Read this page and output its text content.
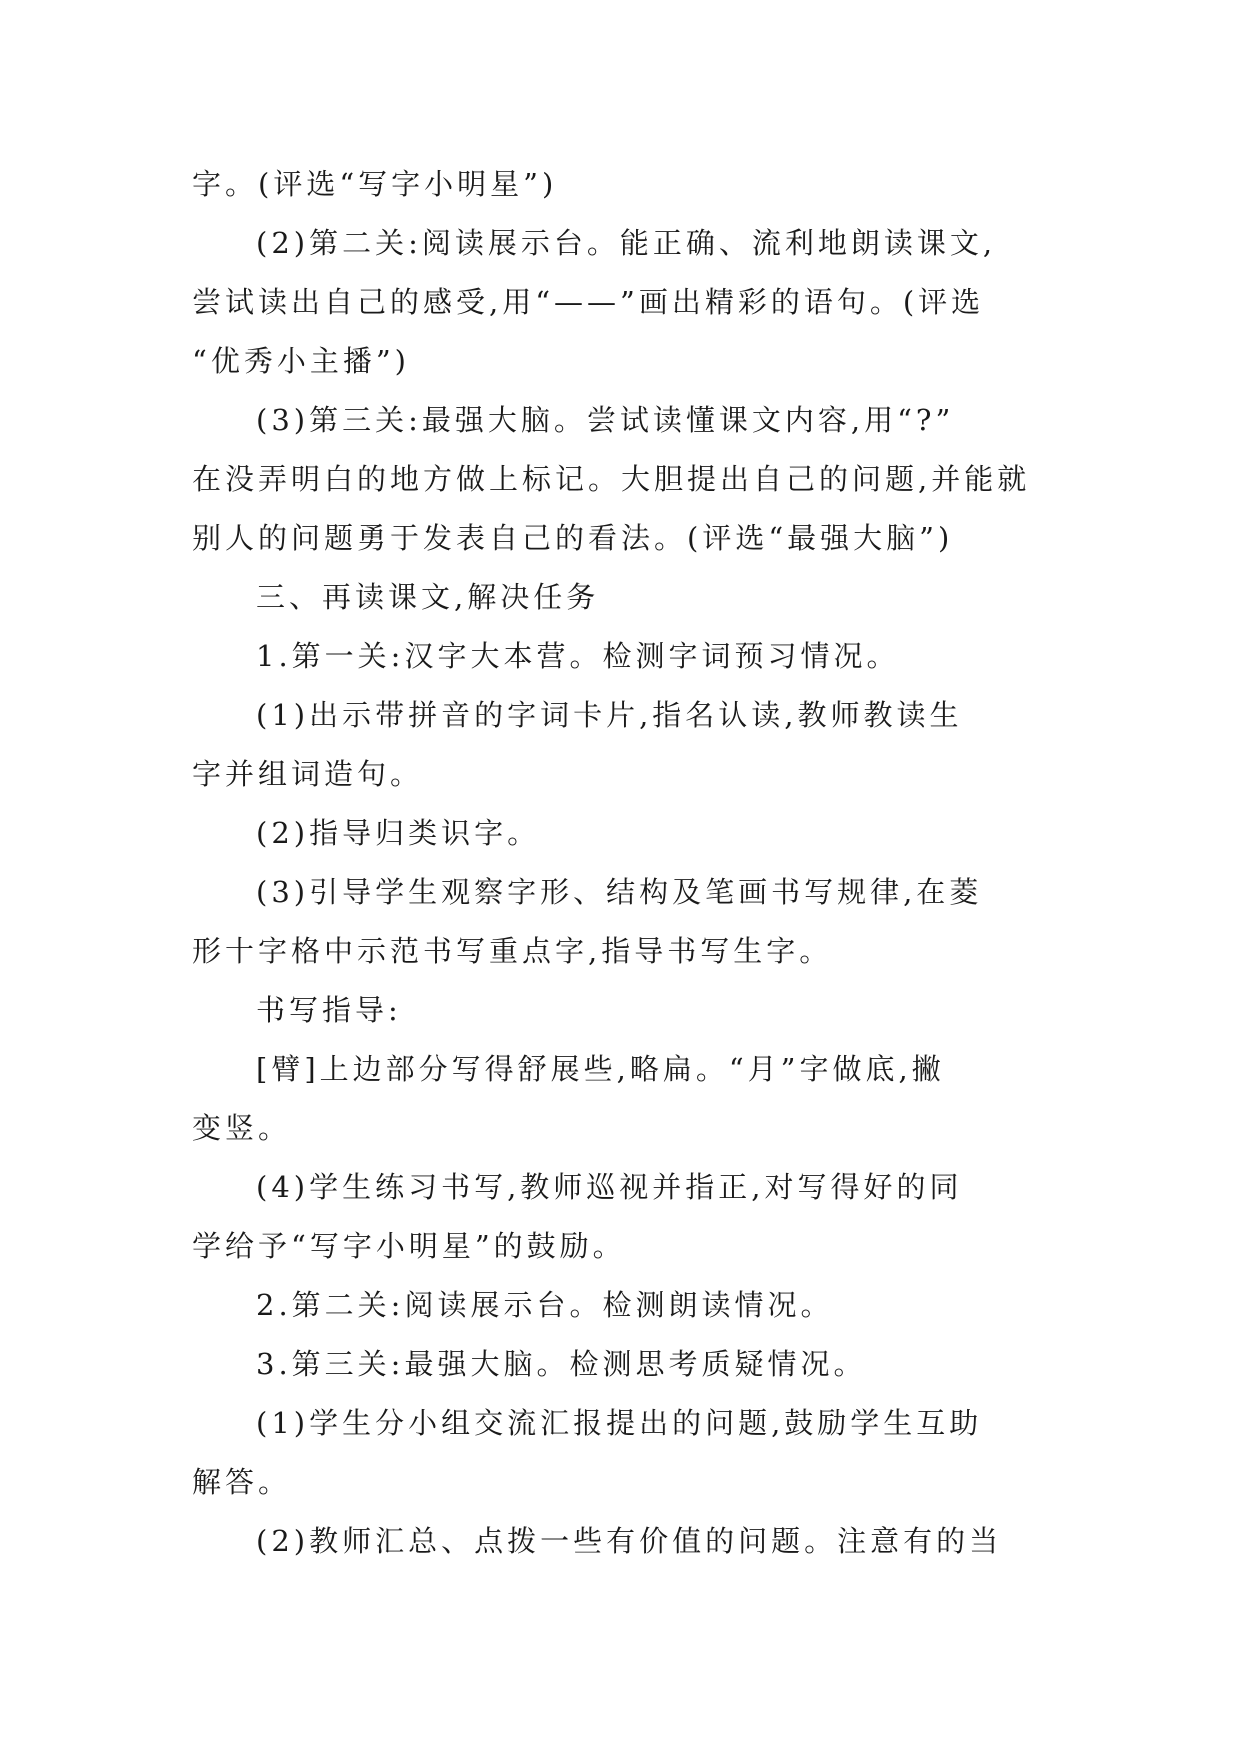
字。(评选“写字小明星”)
(2)第二关:阅读展示台。能正确、流利地朗读课文,
尝试读出自己的感受,用“——”画出精彩的语句。(评选
“优秀小主播”)
(3)第三关:最强大脑。尝试读懂课文内容,用“?”
在没弄明白的地方做上标记。大胆提出自己的问题,并能就
别人的问题勇于发表自己的看法。(评选“最强大脑”)
三、再读课文,解决任务
1.第一关:汉字大本营。检测字词预习情况。
(1)出示带拼音的字词卡片,指名认读,教师教读生
字并组词造句。
(2)指导归类识字。
(3)引导学生观察字形、结构及笔画书写规律,在菱
形十字格中示范书写重点字,指导书写生字。
书写指导:
[臂]上边部分写得舒展些,略扁。“月”字做底,撇
变竖。
(4)学生练习书写,教师巡视并指正,对写得好的同
学给予“写字小明星”的鼓励。
2.第二关:阅读展示台。检测朗读情况。
3.第三关:最强大脑。检测思考质疑情况。
(1)学生分小组交流汇报提出的问题,鼓励学生互助
解答。
(2)教师汇总、点拨一些有价值的问题。注意有的当
